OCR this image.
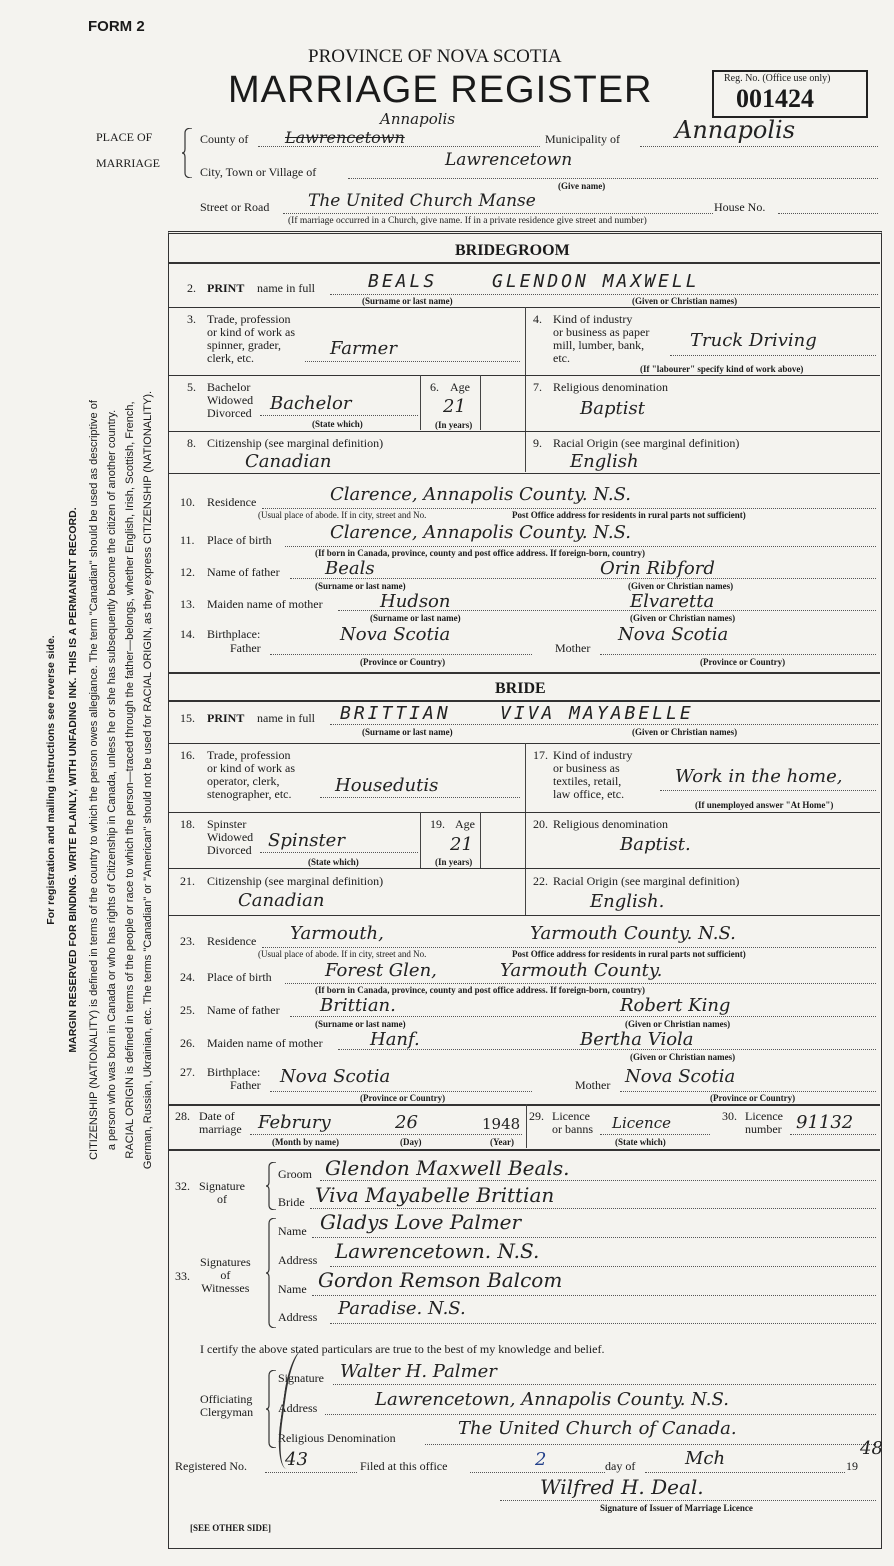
FORM 2
PROVINCE OF NOVA SCOTIA
MARRIAGE REGISTER	Reg. No. (Office use only)
001424
For registration and mailing instructions see reverse side. MARGIN RESERVED FOR BINDING. WRITE PLAINLY, WITH UNFADING INK. THIS IS A PERMANENT RECORD. CITIZENSHIP (NATIONALITY) is defined in terms of the country to which the person owes allegiance. The term "Canadian" should be used as descriptive of a person who was born in Canada or who has rights of Citizenship in Canada, unless he or she has subsequently become the citizen of another country. RACIAL ORIGIN is defined in terms of the people or race to which the person—traced through the father—belongs, whether English, Irish, Scottish, French, German, Russian, Ukrainian, etc. The terms "Canadian" or "American" should not be used for RACIAL ORIGIN, as they express CITIZENSHIP (NATIONALITY).
PLACE OF
MARRIAGE
County of Lawrencetown
Annapolis
Municipality of Annapolis
City, Town or Village of
Lawrencetown
(Give name)
Street or Road The United Church Manse	House No.
(If marriage occurred in a Church, give name. If in a private residence give street and number)
BRIDEGROOM
2. PRINT name in full	BEALS	GLENDON MAXWELL
(Surname or last name)	(Given or Christian names)
3. Trade, profession
or kind of work as
spinner, grader,
clerk, etc.	Farmer
4. Kind of industry
or business as paper
mill, lumber, bank,
etc.
Truck Driving
(If "labourer" specify kind of work above)
5. Bachelor
Widowed
Divorced Bachelor
(State which)
6. Age
21
(In years)
7. Religious denomination
Baptist
8. Citizenship (see marginal definition)
Canadian
9. Racial Origin (see marginal definition)
English
10. Residence	Clarence, Annapolis County. N.S.
(Usual place of abode. If in city, street and No.	Post Office address for residents in rural parts not sufficient)
11. Place of birth	Clarence, Annapolis County. N.S.
(If born in Canada, province, county and post office address. If foreign-born, country)
12. Name of father	Beals	Orin Ribford
(Surname or last name)	(Given or Christian names)
13. Maiden name of mother	Hudson	Elvaretta
(Surname or last name)	(Given or Christian names)
14. Birthplace:
Father
Nova Scotia
Mother
Nova Scotia
(Province or Country)	(Province or Country)
BRIDE
15. PRINT name in full BRITTIAN	VIVA MAYABELLE
(Surname or last name)	(Given or Christian names)
16. Trade, profession
or kind of work as
operator, clerk,
stenographer, etc. Housedutis
17. Kind of industry
or business as
textiles, retail,
law office, etc.
Work in the home,
(If unemployed answer "At Home")
18. Spinster
Widowed
Divorced Spinster
(State which)
19. Age
21
(In years)
20. Religious denomination
Baptist.
21. Citizenship (see marginal definition)
Canadian
22. Racial Origin (see marginal definition)
English.
23. Residence Yarmouth,	Yarmouth County. N.S.
(Usual place of abode. If in city, street and No.	Post Office address for residents in rural parts not sufficient)
24. Place of birth	Forest Glen,	Yarmouth County.
(If born in Canada, province, county and post office address. If foreign-born, country)
25. Name of father Brittian.	Robert King
(Surname or last name)	(Given or Christian names)
26. Maiden name of mother	Hanf.	Bertha Viola
(Given or Christian names)
27. Birthplace:
Father Nova Scotia	Mother Nova Scotia
(Province or Country)	(Province or Country)
28. Date of
marriage Februry	26	1948
(Month by name)	(Day)	(Year)
29. Licence
or banns Licence
(State which)
30. Licence
number 91132
32. Signature
of
Groom Glendon Maxwell Beals.
Bride Viva Mayabelle Brittian
33.
Signatures
of
Witnesses
Name Gladys Love Palmer
Address Lawrencetown. N.S.
Name Gordon Remson Balcom
Address Paradise. N.S.
I certify the above stated particulars are true to the best of my knowledge and belief.
Officiating
Clergyman
Signature Walter H. Palmer
Address	Lawrencetown, Annapolis County. N.S.
Religious Denomination	The United Church of Canada.
Registered No. 43	Filed at this office	2	day of	Mch	19
48
Wilfred H. Deal.
Signature of Issuer of Marriage Licence
[SEE OTHER SIDE]
